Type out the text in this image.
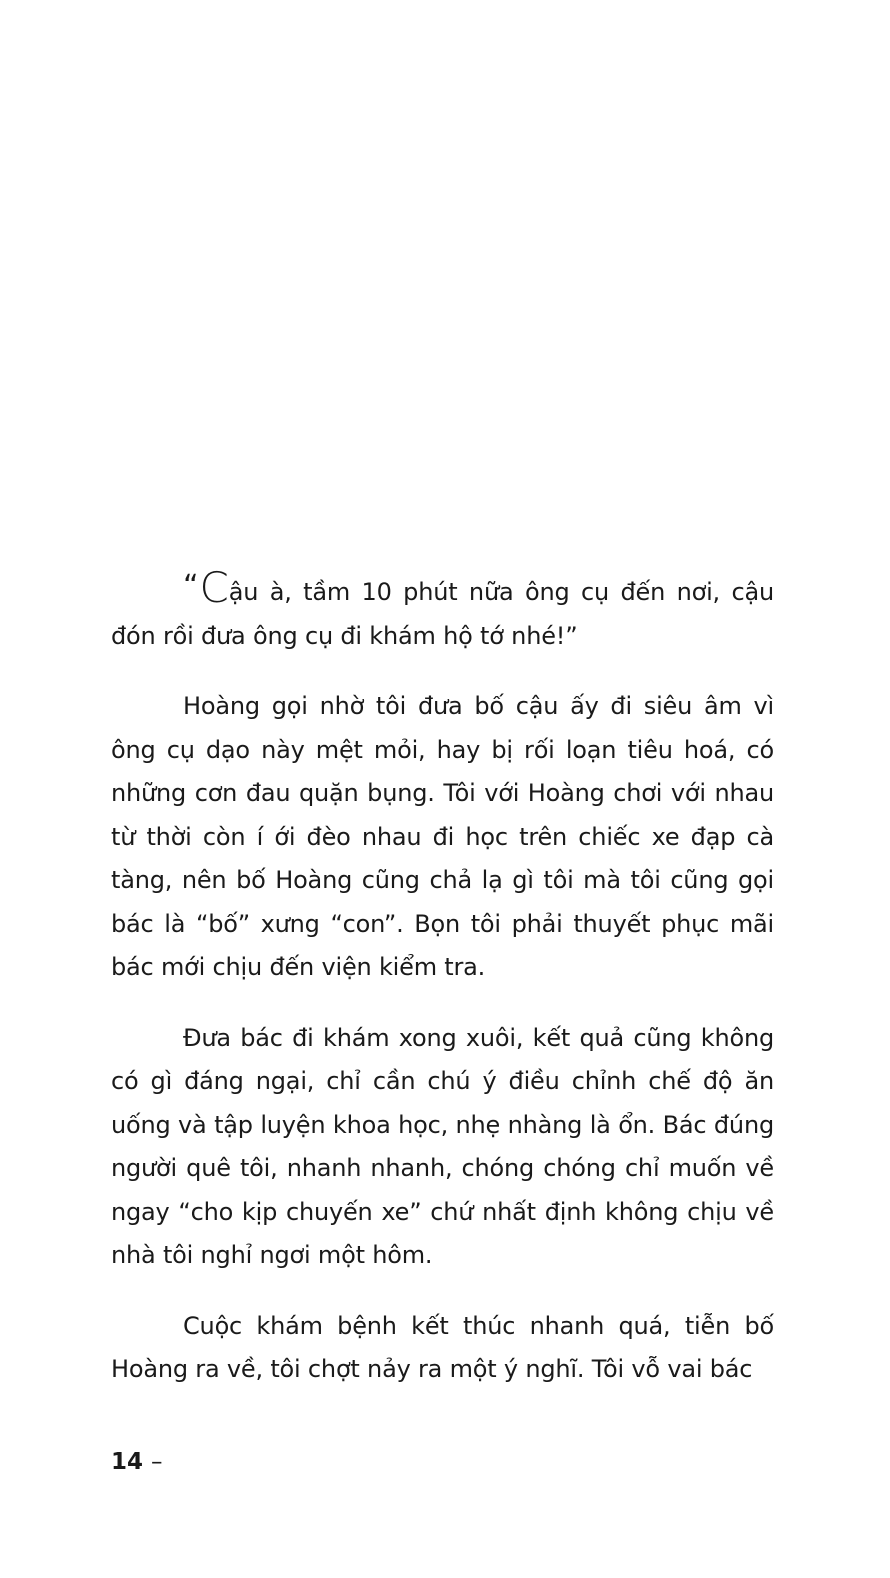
“Cậu à, tầm 10 phút nữa ông cụ đến nơi, cậu đón rồi đưa ông cụ đi khám hộ tớ nhé!”

Hoàng gọi nhờ tôi đưa bố cậu ấy đi siêu âm vì ông cụ dạo này mệt mỏi, hay bị rối loạn tiêu hoá, có những cơn đau quặn bụng. Tôi với Hoàng chơi với nhau từ thời còn í ới đèo nhau đi học trên chiếc xe đạp cà tàng, nên bố Hoàng cũng chả lạ gì tôi mà tôi cũng gọi bác là “bố” xưng “con”. Bọn tôi phải thuyết phục mãi bác mới chịu đến viện kiểm tra.

Đưa bác đi khám xong xuôi, kết quả cũng không có gì đáng ngại, chỉ cần chú ý điều chỉnh chế độ ăn uống và tập luyện khoa học, nhẹ nhàng là ổn. Bác đúng người quê tôi, nhanh nhanh, chóng chóng chỉ muốn về ngay “cho kịp chuyến xe” chứ nhất định không chịu về nhà tôi nghỉ ngơi một hôm.

Cuộc khám bệnh kết thúc nhanh quá, tiễn bố Hoàng ra về, tôi chợt nảy ra một ý nghĩ. Tôi vỗ vai bác

14 –
